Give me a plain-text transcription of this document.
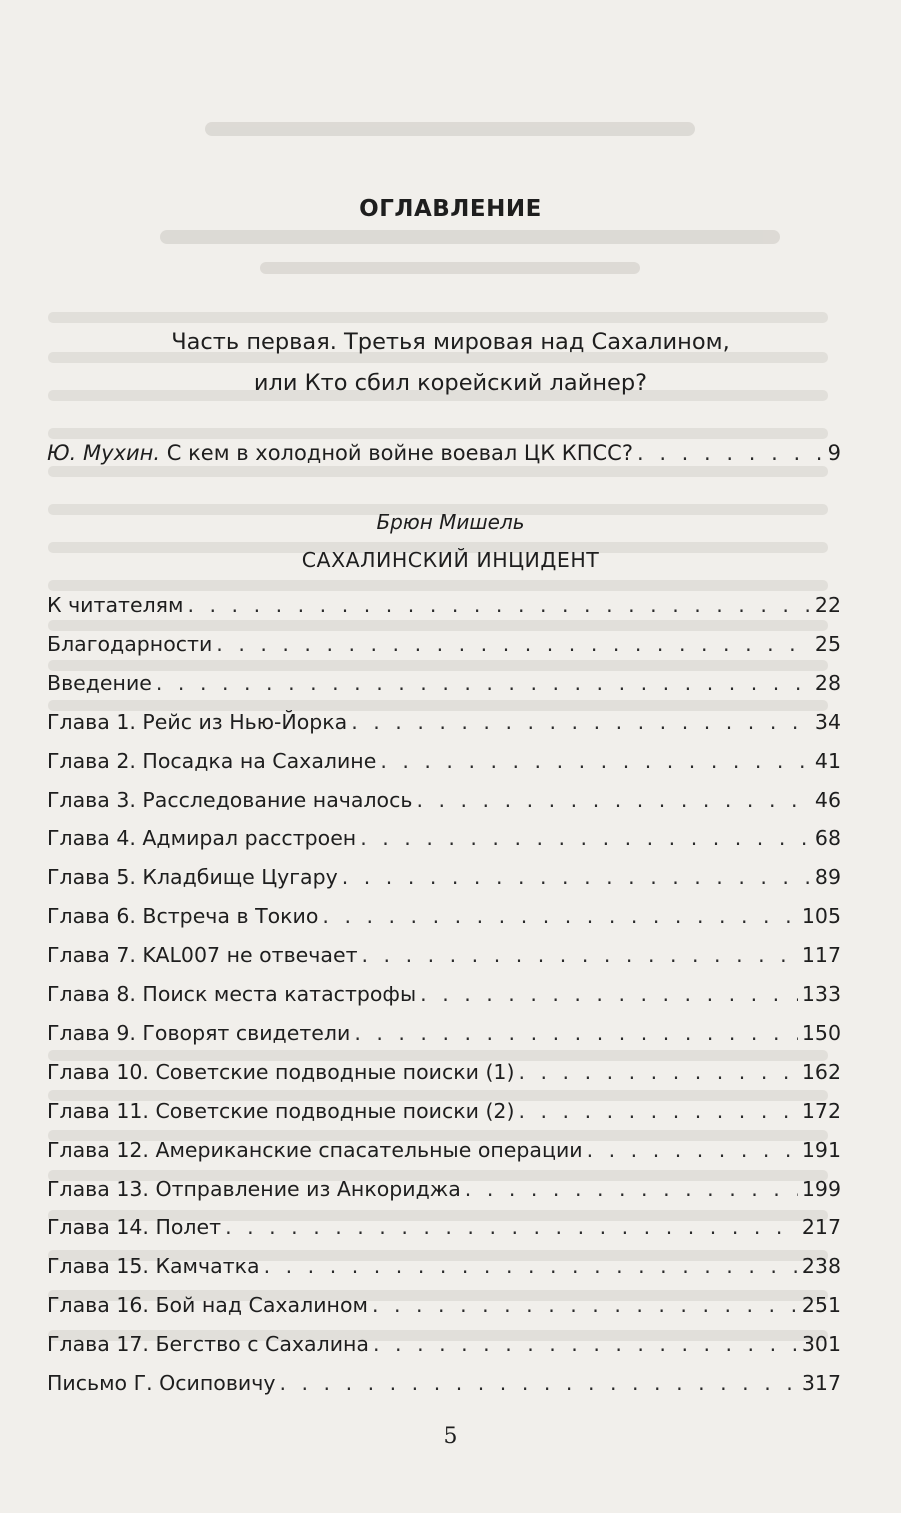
ОГЛАВЛЕНИЕ
Часть первая. Третья мировая над Сахалином,
или Кто сбил корейский лайнер?
Ю. Мухин. С кем в холодной войне воевал ЦК КПСС? . . .	9
Брюн Мишель
САХАЛИНСКИЙ ИНЦИДЕНТ
К читателям . . .	22
Благодарности . . .	25
Введение . . .	28
Глава 1. Рейс из Нью-Йорка . . .	34
Глава 2. Посадка на Сахалине . . .	41
Глава 3. Расследование началось . . .	46
Глава 4. Адмирал расстроен . . .	68
Глава 5. Кладбище Цугару . . .	89
Глава 6. Встреча в Токио . . .	105
Глава 7. KAL007 не отвечает . . .	117
Глава 8. Поиск места катастрофы . . .	133
Глава 9. Говорят свидетели . . .	150
Глава 10. Советские подводные поиски (1) . . .	162
Глава 11. Советские подводные поиски (2) . . .	172
Глава 12. Американские спасательные операции . . .	191
Глава 13. Отправление из Анкориджа . . .	199
Глава 14. Полет . . .	217
Глава 15. Камчатка . . .	238
Глава 16. Бой над Сахалином . . .	251
Глава 17. Бегство с Сахалина . . .	301
Письмо Г. Осиповичу . . .	317
5
